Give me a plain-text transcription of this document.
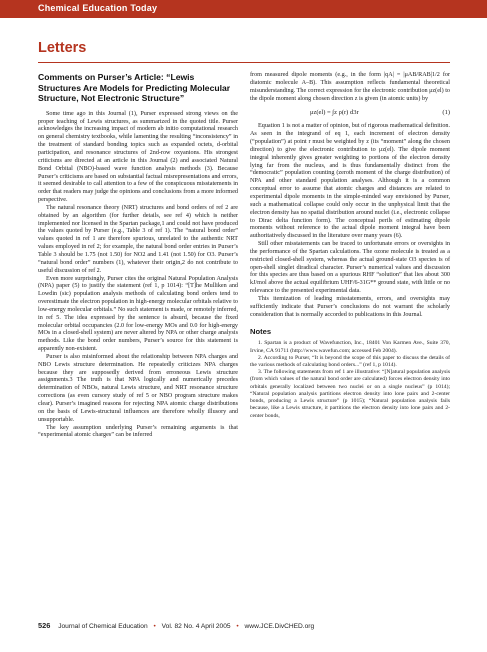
Chemical Education Today
Letters
Comments on Purser’s Article: “Lewis Structures Are Models for Predicting Molecular Structure, Not Electronic Structure”

Some time ago in this Journal (1), Purser expressed strong views on the proper teaching of Lewis structures, as summarized in the quoted title. Purser acknowledges the increasing impact of modern ab initio computational research on general chemistry textbooks, while lamenting the resulting “inconsistency” in the treatment of standard bonding topics such as expanded octets, d-orbital participation, and resonance structures of 2nd-row oxyanions. His strongest criticisms are directed at an article in this Journal (2) and associated Natural Bond Orbital (NBO)-based wave function analysis methods (3). Because Purser’s criticisms are based on substantial factual misrepresentations and errors, it seemed desirable to call attention to a few of the conspicuous misstatements in order that readers may judge the opinions and conclusions from a more informed perspective.

The natural resonance theory (NRT) structures and bond orders of ref 2 are obtained by an algorithm (for further details, see ref 4) which is neither implemented nor licensed in the Spartan package,1 and could not have produced the values quoted by Purser (e.g., Table 3 of ref 1). The “natural bond order” values quoted in ref 1 are therefore spurious, unrelated to the authentic NRT values employed in ref 2; for example, the natural bond order entries in Purser’s Table 3 should be 1.75 (not 1.50) for NO2 and 1.41 (not 1.50) for O3. Purser’s “natural bond order” numbers (1), whatever their origin,2 do not contribute to useful discussion of ref 2.

Even more surprisingly, Purser cites the original Natural Population Analysis (NPA) paper (5) to justify the statement (ref 1, p 1014): “[T]he Mulliken and Lowdin (sic) population analysis methods of calculating bond orders tend to overestimate the electron population in high-energy molecular orbitals relative to low-energy molecular orbitals.” No such statement is made, or remotely inferred, in ref 5. The idea expressed by the sentence is absurd, because the fixed molecular orbital occupancies (2.0 for low-energy MOs and 0.0 for high-energy MOs in a closed-shell system) are never altered by NPA or other charge analysis methods. Like the bond order numbers, Purser’s source for this statement is apparently non-existent.

Purser is also misinformed about the relationship between NPA charges and NBO Lewis structure determination. He repeatedly criticizes NPA charges because they are supposedly derived from erroneous Lewis structure assignments.3 The truth is that NPA logically and numerically precedes determination of NBOs, natural Lewis structure, and NRT resonance structure corrections (as even cursory study of ref 5 or NBO program structure makes clear). Purser’s imagined reasons for rejecting NPA atomic charge distributions on the basis of Lewis-structural influences are therefore wholly illusory and unsupportable.

The key assumption underlying Purser’s remaining arguments is that “experimental atomic charges” can be inferred

from measured dipole moments (e.g., in the form |qA| = |μAB/RAB|1/2 for diatomic molecule A–B). This assumption reflects fundamental theoretical misunderstanding. The correct expression for the electronic contribution μz(el) to the dipole moment along chosen direction z is given (in atomic units) by

μz(el) = ∫z ρ(r) d3r	(1)

Equation 1 is not a matter of opinion, but of rigorous mathematical definition. As seen in the integrand of eq 1, each increment of electron density (“population”) at point r must be weighted by z (its “moment” along the chosen direction) to give the electronic contribution to μz(el). The dipole moment integral inherently gives greater weighting to portions of the electron density lying far from the nucleus, and is thus fundamentally distinct from the “democratic” population counting (zeroth moment of the charge distribution) of NPA and other standard population analyses. Although it is a common conceptual error to assume that atomic charges and distances are related to experimental dipole moments in the simple-minded way envisioned by Purser, such a mathematical collapse could only occur in the unphysical limit that the electron density has no spatial distribution around nuclei (i.e., electronic collapse to Dirac delta function form). The conceptual perils of estimating dipole moments without reference to the actual dipole moment integral have been authoritatively discussed in the literature over many years (6).

Still other misstatements can be traced to unfortunate errors or oversights in the performance of the Spartan calculations. The ozone molecule is treated as a restricted closed-shell system, whereas the actual ground-state O3 species is of open-shell singlet diradical character. Purser’s numerical values and discussion for this species are thus based on a spurious RHF “solution” that lies about 300 kJ/mol above the actual equilibrium UHF/6-31G** ground state, with little or no relevance to the presented experimental data.

This itemization of leading misstatements, errors, and oversights may sufficiently indicate that Purser’s conclusions do not warrant the scholarly consideration that is normally accorded to publications in this Journal.

Notes

1. Spartan is a product of Wavefunction, Inc., 18401 Von Karmen Ave., Suite 370, Irvine, CA 91711 (http://www.wavefun.com; accessed Feb 2004).

2. According to Purser, “It is beyond the scope of this paper to discuss the details of the various methods of calculating bond orders...” (ref 1, p 1014).

3. The following statements from ref 1 are illustrative: “[N]atural population analysis (from which values of the natural bond order are calculated) forces electron density into orbitals generally localized between two nuclei or on a single nucleus” (p 1014); “Natural population analysis partitions electron density into lone pairs and 2-center bonds, producing a Lewis structure” (p 1015); “Natural population analysis fails because, like a Lewis structure, it partitions the electron density into lone pairs and 2-center bonds,

526 Journal of Chemical Education • Vol. 82 No. 4 April 2005 • www.JCE.DivCHED.org
